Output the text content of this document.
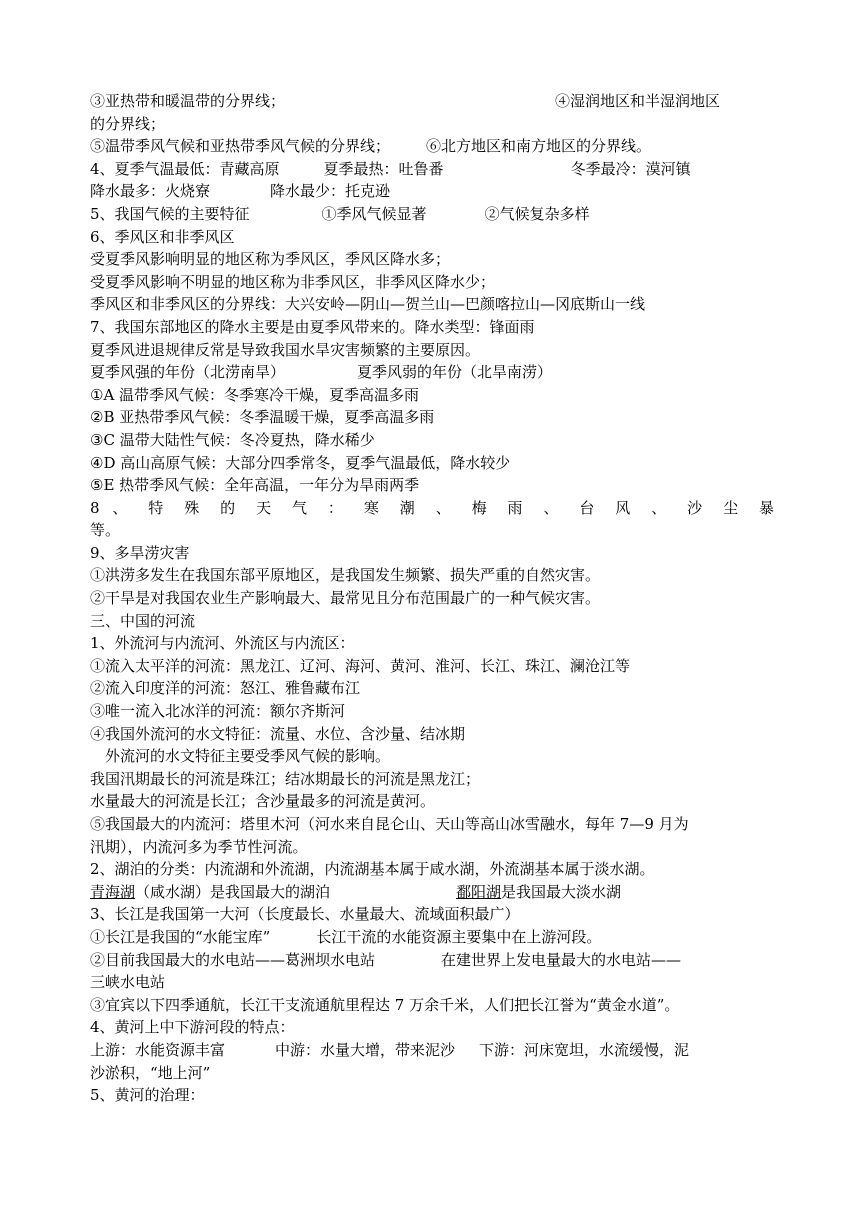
③亚热带和暖温带的分界线；	④湿润地区和半湿润地区
的分界线；
⑤温带季风气候和亚热带季风气候的分界线； ⑥北方地区和南方地区的分界线。
4、夏季气温最低：青藏高原	夏季最热：吐鲁番	冬季最冷：漠河镇
降水最多：火烧寮	降水最少：托克逊
5、我国气候的主要特征	①季风气候显著	②气候复杂多样
6、季风区和非季风区
受夏季风影响明显的地区称为季风区，季风区降水多；
受夏季风影响不明显的地区称为非季风区，非季风区降水少；
季风区和非季风区的分界线：大兴安岭—阴山—贺兰山—巴颜喀拉山—冈底斯山一线
7、我国东部地区的降水主要是由夏季风带来的。降水类型：锋面雨
夏季风进退规律反常是导致我国水旱灾害频繁的主要原因。
夏季风强的年份（北涝南旱）	夏季风弱的年份（北旱南涝）
①A 温带季风气候：冬季寒冷干燥，夏季高温多雨
②B 亚热带季风气候：冬季温暖干燥，夏季高温多雨
③C 温带大陆性气候：冬冷夏热，降水稀少
④D 高山高原气候：大部分四季常冬，夏季气温最低，降水较少
⑤E 热带季风气候：全年高温，一年分为旱雨两季
8 、 特 殊 的 天 气 ： 寒 潮 、 梅 雨 、 台 风 、 沙 尘 暴
等。
9、多旱涝灾害
①洪涝多发生在我国东部平原地区，是我国发生频繁、损失严重的自然灾害。
②干旱是对我国农业生产影响最大、最常见且分布范围最广的一种气候灾害。
三、中国的河流
1、外流河与内流河、外流区与内流区：
①流入太平洋的河流：黑龙江、辽河、海河、黄河、淮河、长江、珠江、澜沧江等
②流入印度洋的河流：怒江、雅鲁藏布江
③唯一流入北冰洋的河流：额尔齐斯河
④我国外流河的水文特征：流量、水位、含沙量、结冰期
外流河的水文特征主要受季风气候的影响。
我国汛期最长的河流是珠江；结冰期最长的河流是黑龙江；
水量最大的河流是长江；含沙量最多的河流是黄河。
⑤我国最大的内流河：塔里木河（河水来自昆仑山、天山等高山冰雪融水，每年 7—9 月为
汛期），内流河多为季节性河流。
2、湖泊的分类：内流湖和外流湖，内流湖基本属于咸水湖，外流湖基本属于淡水湖。
青海湖（咸水湖）是我国最大的湖泊	鄱阳湖是我国最大淡水湖
3、长江是我国第一大河（长度最长、水量最大、流域面积最广）
①长江是我国的“水能宝库”	长江干流的水能资源主要集中在上游河段。
②目前我国最大的水电站——葛洲坝水电站	在建世界上发电量最大的水电站——
三峡水电站
③宜宾以下四季通航，长江干支流通航里程达 7 万余千米，人们把长江誉为“黄金水道”。
4、黄河上中下游河段的特点：
上游：水能资源丰富	中游：水量大增，带来泥沙 下游：河床宽坦，水流缓慢，泥
沙淤积，“地上河”
5、黄河的治理：
